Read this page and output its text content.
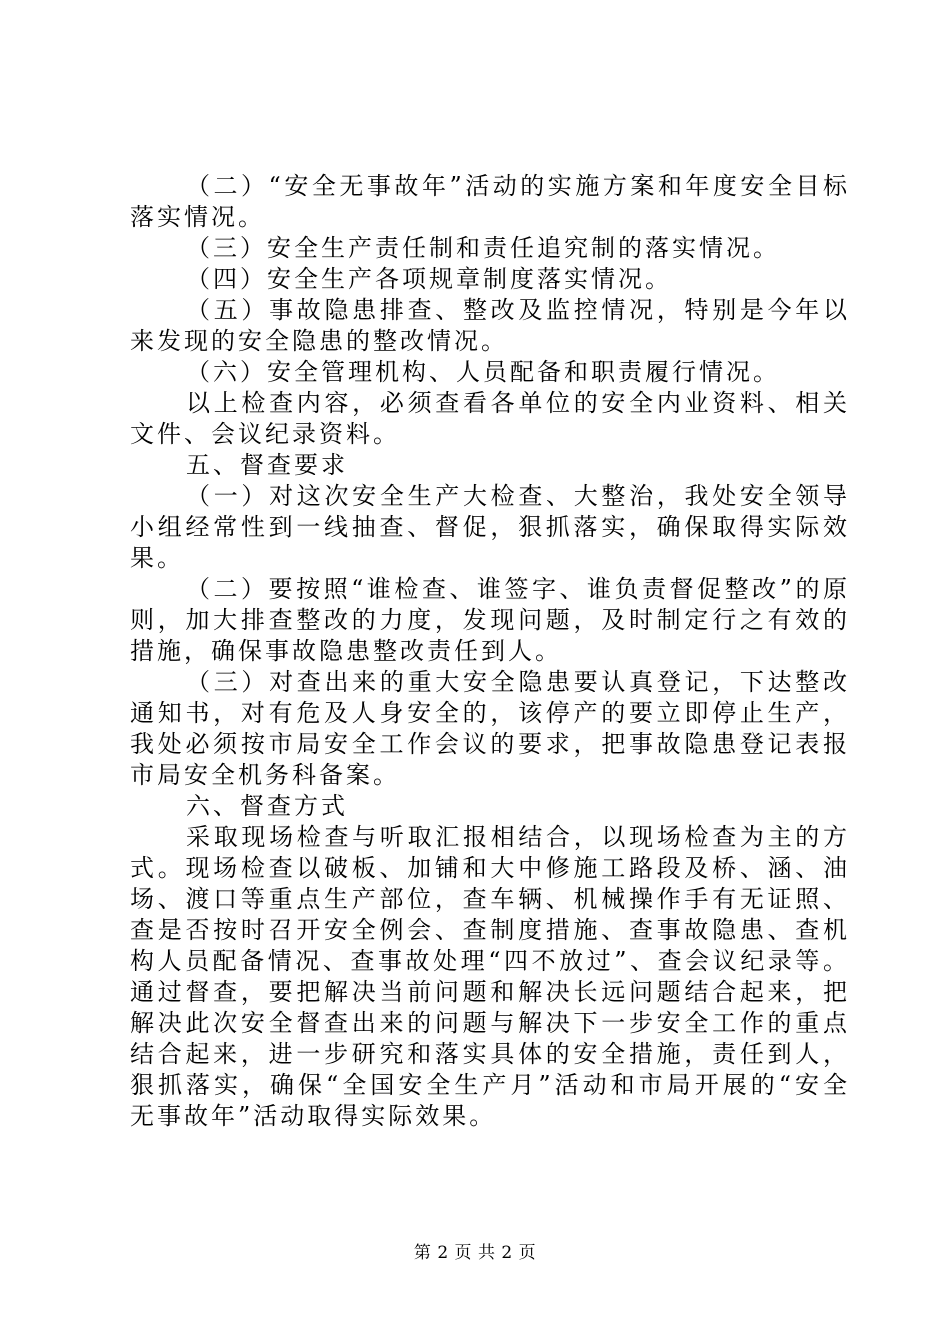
（二）“安全无事故年”活动的实施方案和年度安全目标落实情况。

（三）安全生产责任制和责任追究制的落实情况。

（四）安全生产各项规章制度落实情况。

（五）事故隐患排查、整改及监控情况，特别是今年以来发现的安全隐患的整改情况。

（六）安全管理机构、人员配备和职责履行情况。

以上检查内容，必须查看各单位的安全内业资料、相关文件、会议纪录资料。

五、督查要求

（一）对这次安全生产大检查、大整治，我处安全领导小组经常性到一线抽查、督促，狠抓落实，确保取得实际效果。

（二）要按照“谁检查、谁签字、谁负责督促整改”的原则，加大排查整改的力度，发现问题，及时制定行之有效的措施，确保事故隐患整改责任到人。

（三）对查出来的重大安全隐患要认真登记，下达整改通知书，对有危及人身安全的，该停产的要立即停止生产，我处必须按市局安全工作会议的要求，把事故隐患登记表报市局安全机务科备案。

六、督查方式

采取现场检查与听取汇报相结合，以现场检查为主的方式。现场检查以破板、加铺和大中修施工路段及桥、涵、油场、渡口等重点生产部位，查车辆、机械操作手有无证照、查是否按时召开安全例会、查制度措施、查事故隐患、查机构人员配备情况、查事故处理“四不放过”、查会议纪录等。通过督查，要把解决当前问题和解决长远问题结合起来，把解决此次安全督查出来的问题与解决下一步安全工作的重点结合起来，进一步研究和落实具体的安全措施，责任到人，狠抓落实，确保“全国安全生产月”活动和市局开展的“安全无事故年”活动取得实际效果。

第 2 页 共 2 页
